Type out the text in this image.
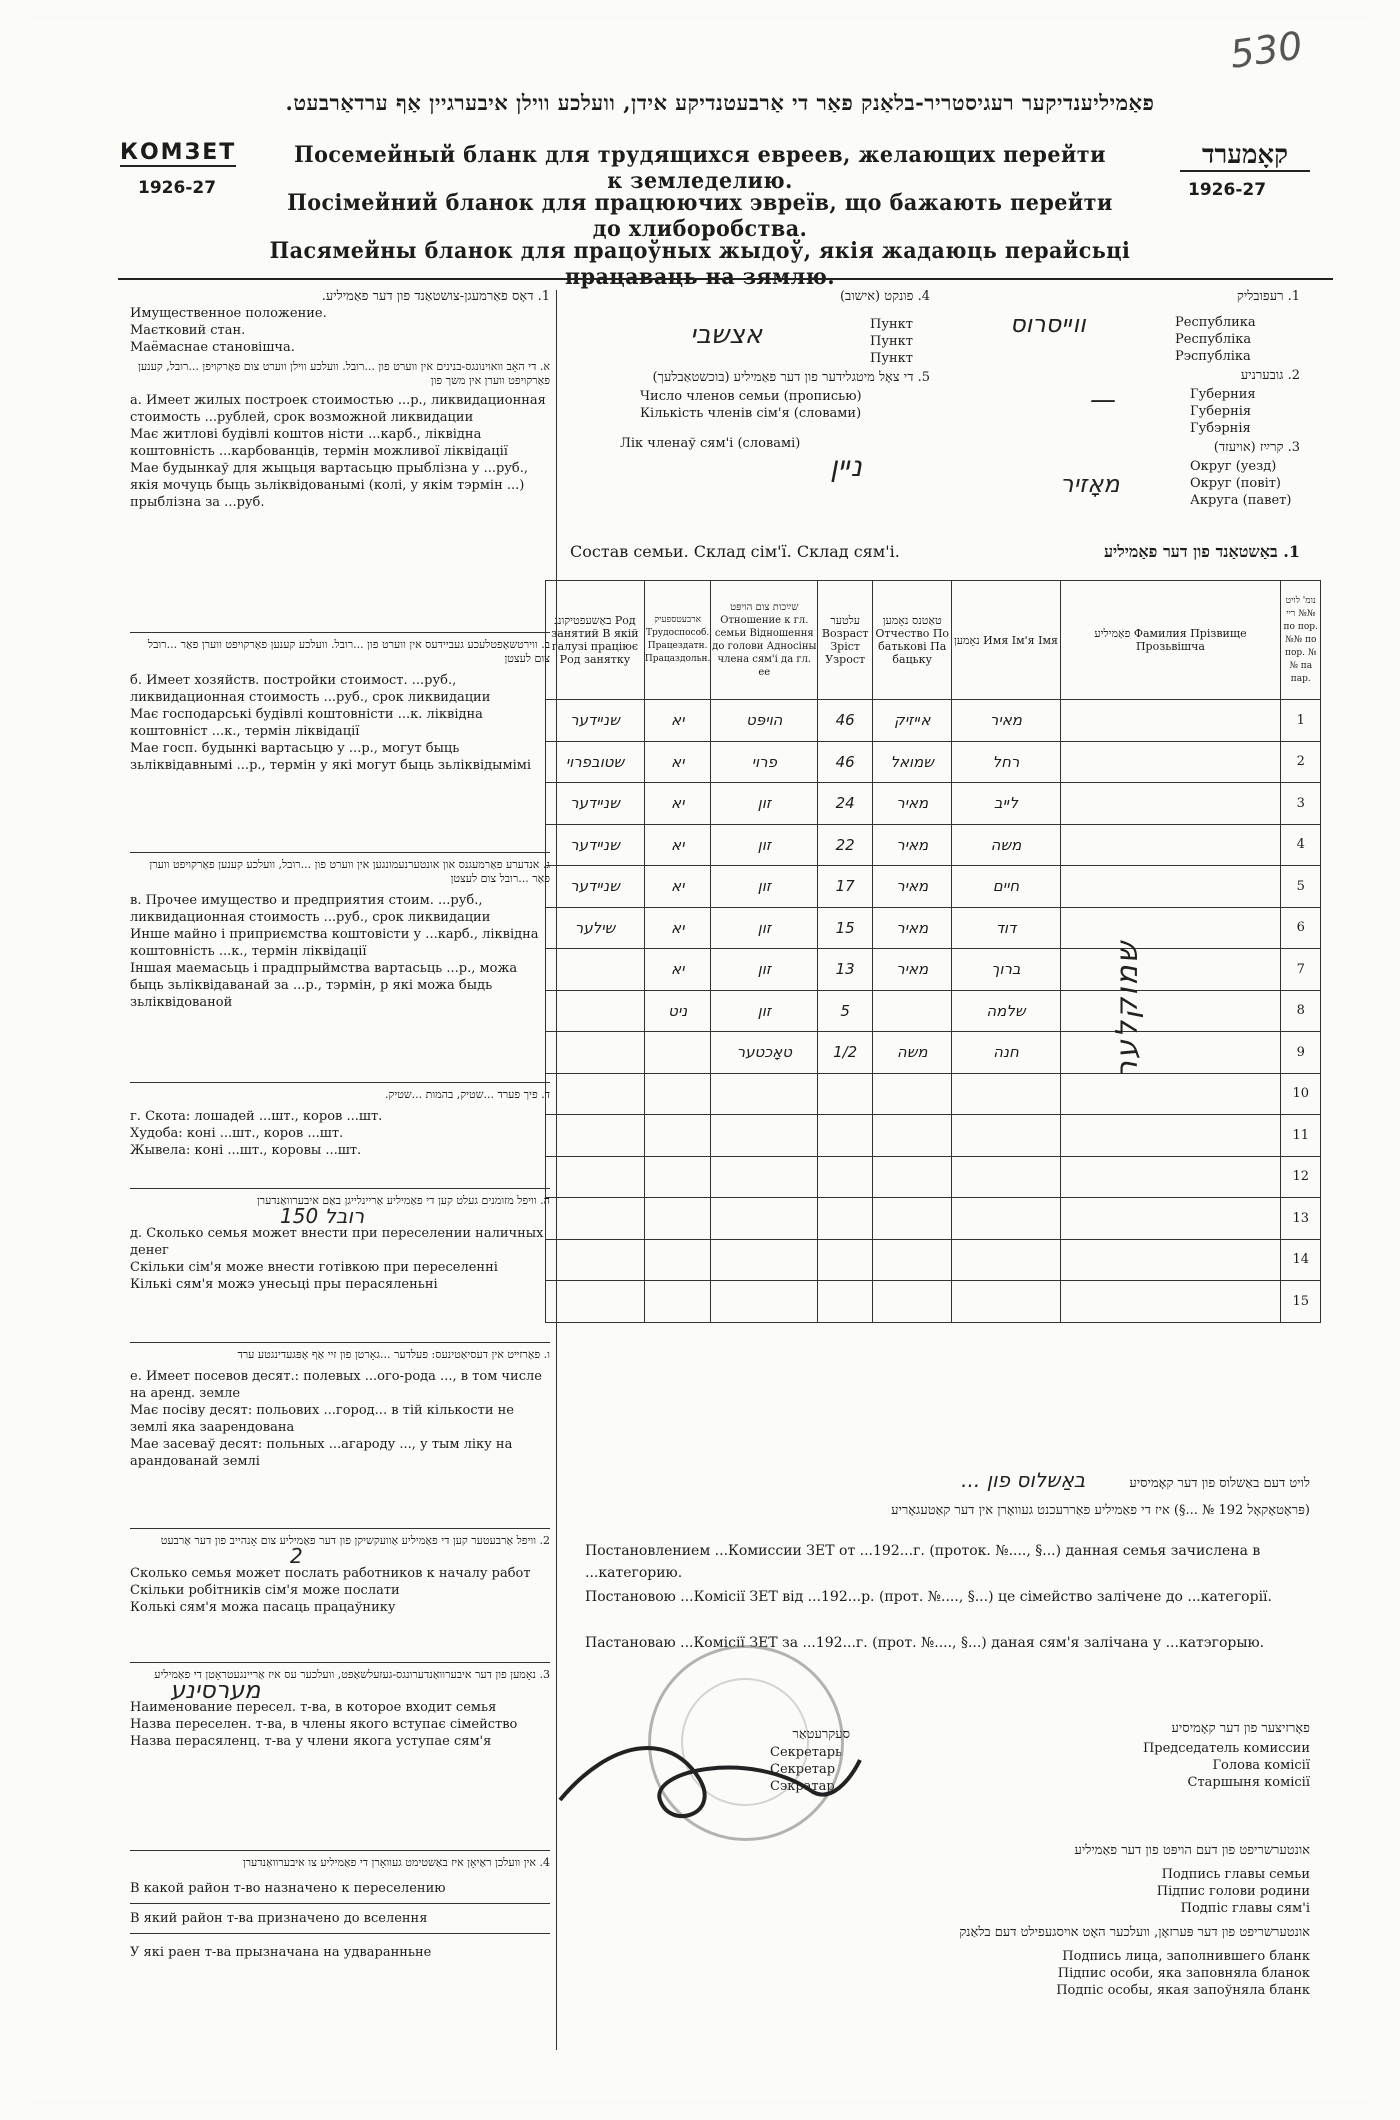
530
פאַמיליענדיקער רעגיסטריר-בלאַנק פאַר די אַרבעטנדיקע אידן, וועלכע ווילן איבערגיין אַף ערדאַרבעט.
КОМЗЕТ
1926-27
קאָמערד
1926-27
Посемейный бланк для трудящихся евреев, желающих перейти к земледелию.
Посімейний бланок для працюючих эвреїв, що бажають перейти до хлиборобства.
Пасямейны бланок для працоўных жыдоў, якія жадаюць перайсьці працаваць на зямлю.
4. פונקט (אישוב)
אצשבי	Пункт
Пункт
Пункт
5. די צאָל מיטגלידער פון דער פאַמיליע (בוכשטאַבלעך)
Число членов семьи (прописью)
Кількість членів сім'я (словами)
Лік членаў сям'і (словамі)
נײן
1. רעפובליק
ווײסרוס	Республика
Республіка
Рэспубліка
2. גובערניע
—	Губерния
Губернія
Губэрнія
3. קרײַז (אויעזד)
מאָזיר
Округ (уезд)
Округ (повіт)
Акруга (павет)
Состав семьи. Склад сім'ї. Склад сям'і.	1. באַשטאַנד פון דער פאַמיליע
באַשעפטיקונג Род занятий В якій галузі праціює Род занятку	ארבעטספעיק Трудоспособ. Працездатн. Працаздольн.	שײַכות צום הויפּט Отношение к гл. семьи Відношення до голови Адносіны члена сям'і да гл. ее	עלטער Возраст Зріст Узрост	טאַטנס נאָמען Отчество По батькові Па бацьку	נאָמען Имя Ім'я Імя	פאַמיליע Фамилия Прізвище Прозьвішча	נומ' לויט ריי №№ по пор. №№ по пор. №№ па пар.
שנײדער	יא	הויפּט	46	אײזיק	מאיר		1
שטובפרוי	יא	פרוי	46	שמואל	רחל		2
שנײדער	יא	זון	24	מאיר	לײב		3
שנײדער	יא	זון	22	מאיר	משה		4
שנײדער	יא	זון	17	מאיר	חיים		5
שילער	יא	זון	15	מאיר	דוד		6
	יא	זון	13	מאיר	ברוך		7
	ניט	זון	5		שלמה		8
		טאָכטער	1/2	משה	חנה		9
							10
							11
							12
							13
							14
							15
שמוקלער

1. דאָס פאַרמעגן-צושטאַנד פון דער פאַמיליע.

Имущественное положение.

Маєтковий стан.

Маёмаснае становішча.

א. די האָב וואוינונגס-בנינים אין ווערט פון ...רובל. וועלכע ווילן ווערט צום פאַרקויפן ...רובל, קענען פאַרקויפט ווערן אין משך פון

а. Имеет жилых построек стоимостью ...р., ликвидационная стоимость ...рублей, срок возможной ликвидации

Має житлові будівлі коштов ністи ...карб., ліквідна коштовність ...карбованців, термін можливої ліквідації

Мае будынкаў для жыцьця вартасьцю прыблізна у ...руб., якія мочуць быць зьліквідованымі (колі, у якім тэрмін ...) прыблізна за ...руб.

ב. ווירטשאַפטלעכע געביידעס אין ווערט פון ...רובל. וועלכע קענען פאַרקויפט ווערן פאַר ...רובל צום לעצטן

б. Имеет хозяйств. постройки стоимост. ...руб., ликвидационная стоимость ...руб., срок ликвидации

Має господарські будівлі коштовністи ...к. ліквідна коштовніст ...к., термін ліквідації

Мае госп. будынкі вартасьцю у ...р., могут быць зьліквідавнымі ...р., термін у які могут быць зьліквідымімі

ג. אנדערע פאַרמעגנס און אונטערנעמונגען אין ווערט פון ...רובל, וועלכע קענען פאַרקויפט ווערן פאַר ...רובל צום לעצטן

в. Прочее имущество и предприятия стоим. ...руб., ликвидационная стоимость ...руб., срок ликвидации

Инше майно і приприємства коштовісти у ...карб., ліквідна коштовність ...к., термін ліквідації

Іншая маемасьць і прадпрыймства вартасьць ...р., можа быць зьліквідаванай за ...р., тэрмін, р які можа быдь зьліквідованой

ד. פיך פערד ...שטיק, בהמות ...שטיק.

г. Скота: лошадей ...шт., коров ...шт.

Худоба: коні ...шт., коров ...шт.

Жывела: коні ...шт., коровы ...шт.

ה. וויפל מזומנים געלט קען די פאַמיליע אַריינלייגן באַם איבערוואַנדערן

150 רובל

д. Сколько семья может внести при переселении наличных денег

Скільки сім'я може внести готівкою при переселенні

Кількі сям'я можэ унесьці пры перасяленьні

ו. פאַרזײט אין דעסיאַטינעס: פעלדער ...גאָרטן פון זיי אַף אָפּגעדינגטע ערד

е. Имеет посевов десят.: полевых ...ого-рода ..., в том числе на аренд. земле

Має посіву десят: польових ...город... в тій кількости не землі яка заарендована

Мае засеваў десят: польных ...агароду ..., у тым ліку на арандованай землі

2. וויפל אַרבעטער קען די פאַמיליע אַוועקשיקן פון דער פאַמיליע צום אָנהייב פון דער אַרבעט

2

Сколько семья может послать работников к началу работ

Скільки робітників сім'я може послати

Колькі сям'я можа пасаць працаўнику

3. נאָמען פון דער איבערוואַנדערונגס-געזעלשאַפט, וועלכער עס איז אַריינגעטראָטן די פאַמיליע

מערסינע

Наименование пересел. т-ва, в которое входит семья

Назва переселен. т-ва, в члены якого вступає сімейство

Назва перасяленц. т-ва у члени якога уступае сям'я

4. אין וועלכן ראַיאָן איז באַשטימט געוואָרן די פאַמיליע צו איבערוואַנדערן

В какой район т-во назначено к переселению

В який район т-ва призначено до вселення

У які раен т-ва прызначана на удваранньне

לויט דעם באַשלוס פון דער קאָמיסיע באַשלוס פון ...
(פּראָטאָקאָל 192 № ...§) איז די פאַמיליע פאַררעכנט געוואָרן אין דער קאַטעגאָריע
Постановлением ...Комиссии ЗЕТ от ...192...г. (проток. №...., §...) данная семья зачислена в ...категорию.
Постановою ...Комісії ЗЕТ від ...192...р. (прот. №...., §...) це сімейство залічене до ...категорії.
Пастановаю ...Комісії ЗЕТ за ...192...г. (прот. №...., §...) даная сям'я залічана у ...катэгорыю.
פאָרזיצער פון דער קאָמיסיע
Председатель комиссии
Голова комісії
Старшыня комісії
סעקרעטאַר
Секретарь
Секретар
Сэкратар
אונטערשריפט פון דעם הויפּט פון דער פאַמיליע
Подпись главы семьи
Підпис голови родини
Подпіс главы сям'і
אונטערשריפט פון דער פּערזאָן, וועלכער האָט אויסגעפילט דעם בלאַנק
Подпись лица, заполнившего бланк
Підпис особи, яка заповняла бланок
Подпіс особы, якая запоўняла бланк
